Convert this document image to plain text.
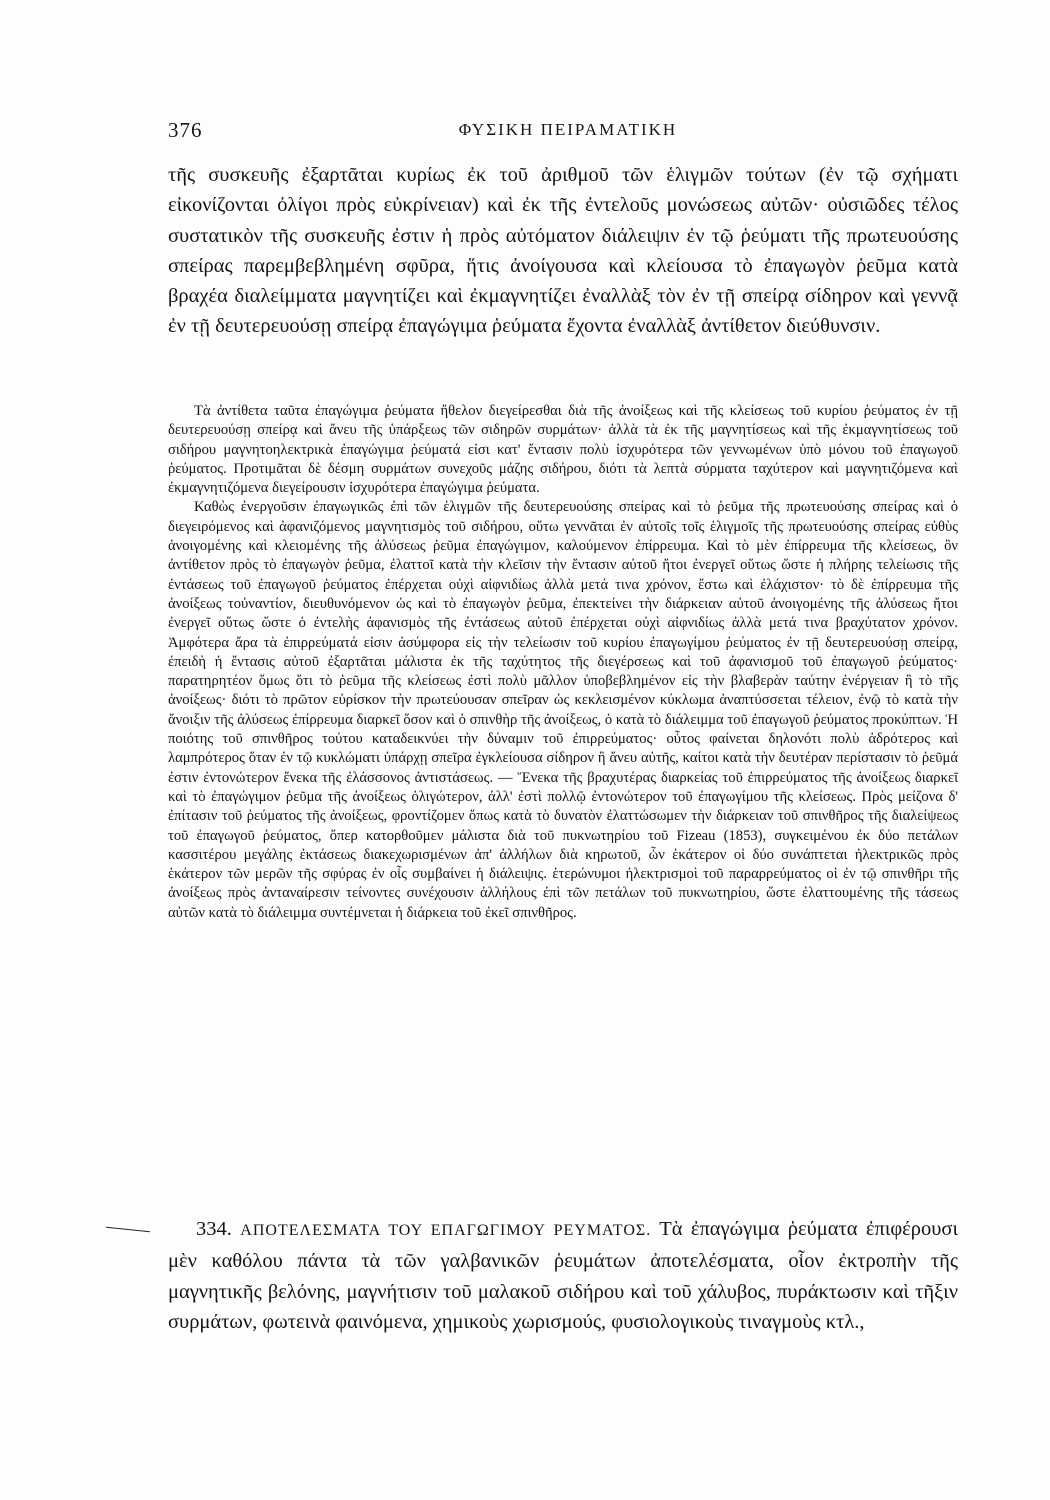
376	ΦΥΣΙΚΗ ΠΕΙΡΑΜΑΤΙΚΗ

τῆς συσκευῆς ἐξαρτᾶται κυρίως ἐκ τοῦ ἀριθμοῦ τῶν ἑλιγμῶν τούτων (ἐν τῷ σχήματι εἰκονίζονται ὀλίγοι πρὸς εὐκρίνειαν) καὶ ἐκ τῆς ἐντελοῦς μονώσεως αὐτῶν· οὐσιῶδες τέλος συστατικὸν τῆς συσκευῆς ἐστιν ἡ πρὸς αὐτόματον διάλειψιν ἐν τῷ ῥεύματι τῆς πρωτευούσης σπείρας παρεμβεβλημένη σφῦρα, ἥτις ἀνοίγουσα καὶ κλείουσα τὸ ἐπαγωγὸν ῥεῦμα κατὰ βραχέα διαλείμματα μαγνητίζει καὶ ἐκμαγνητίζει ἐναλλὰξ τὸν ἐν τῇ σπείρᾳ σίδηρον καὶ γεννᾷ ἐν τῇ δευτερευούσῃ σπείρᾳ ἐπαγώγιμα ῥεύματα ἔχοντα ἐναλλὰξ ἀντίθετον διεύθυνσιν.

Τὰ ἀντίθετα ταῦτα ἐπαγώγιμα ῥεύματα ἤθελον διεγείρεσθαι διὰ τῆς ἀνοίξεως καὶ τῆς κλείσεως τοῦ κυρίου ῥεύματος ἐν τῇ δευτερευούσῃ σπείρᾳ καὶ ἄνευ τῆς ὑπάρξεως τῶν σιδηρῶν συρμάτων· ἀλλὰ τὰ ἐκ τῆς μαγνητίσεως καὶ τῆς ἐκμαγνητίσεως τοῦ σιδήρου μαγνητοηλεκτρικὰ ἐπαγώγιμα ῥεύματά εἰσι κατ' ἔντασιν πολὺ ἰσχυρότερα τῶν γεννωμένων ὑπὸ μόνου τοῦ ἐπαγωγοῦ ῥεύματος. Προτιμᾶται δὲ δέσμη συρμάτων συνεχοῦς μάζης σιδήρου, διότι τὰ λεπτὰ σύρματα ταχύτερον καὶ μαγνητιζόμενα καὶ ἐκμαγνητιζόμενα διεγείρουσιν ἰσχυρότερα ἐπαγώγιμα ῥεύματα.

Καθὼς ἐνεργοῦσιν ἐπαγωγικῶς ἐπὶ τῶν ἑλιγμῶν τῆς δευτερευούσης σπείρας καὶ τὸ ῥεῦμα τῆς πρωτευούσης σπείρας καὶ ὁ διεγειρόμενος καὶ ἀφανιζόμενος μαγνητισμὸς τοῦ σιδήρου, οὕτω γεννᾶται ἐν αὐτοῖς τοῖς ἑλιγμοῖς τῆς πρωτευούσης σπείρας εὐθὺς ἀνοιγομένης καὶ κλειομένης τῆς ἀλύσεως ῥεῦμα ἐπαγώγιμον, καλούμενον ἐπίρρευμα. Καὶ τὸ μὲν ἐπίρρευμα τῆς κλείσεως, ὂν ἀντίθετον πρὸς τὸ ἐπαγωγὸν ῥεῦμα, ἐλαττοῖ κατὰ τὴν κλεῖσιν τὴν ἔντασιν αὐτοῦ ἤτοι ἐνεργεῖ οὕτως ὥστε ἡ πλήρης τελείωσις τῆς ἐντάσεως τοῦ ἐπαγωγοῦ ῥεύματος ἐπέρχεται οὐχὶ αἰφνιδίως ἀλλὰ μετά τινα χρόνον, ἔστω καὶ ἐλάχιστον· τὸ δὲ ἐπίρρευμα τῆς ἀνοίξεως τοὐναντίον, διευθυνόμενον ὡς καὶ τὸ ἐπαγωγὸν ῥεῦμα, ἐπεκτείνει τὴν διάρκειαν αὐτοῦ ἀνοιγομένης τῆς ἀλύσεως ἤτοι ἐνεργεῖ οὕτως ὥστε ὁ ἐντελὴς ἀφανισμὸς τῆς ἐντάσεως αὐτοῦ ἐπέρχεται οὐχὶ αἰφνιδίως ἀλλὰ μετά τινα βραχύτατον χρόνον. Ἀμφότερα ἄρα τὰ ἐπιρρεύματά εἰσιν ἀσύμφορα εἰς τὴν τελείωσιν τοῦ κυρίου ἐπαγωγίμου ῥεύματος ἐν τῇ δευτερευούσῃ σπείρᾳ, ἐπειδὴ ἡ ἔντασις αὐτοῦ ἐξαρτᾶται μάλιστα ἐκ τῆς ταχύτητος τῆς διεγέρσεως καὶ τοῦ ἀφανισμοῦ τοῦ ἐπαγωγοῦ ῥεύματος· παρατηρητέον ὅμως ὅτι τὸ ῥεῦμα τῆς κλείσεως ἐστὶ πολὺ μᾶλλον ὑποβεβλημένον εἰς τὴν βλαβερὰν ταύτην ἐνέργειαν ἢ τὸ τῆς ἀνοίξεως· διότι τὸ πρῶτον εὑρίσκον τὴν πρωτεύουσαν σπεῖραν ὡς κεκλεισμένον κύκλωμα ἀναπτύσσεται τέλειον, ἐνῷ τὸ κατὰ τὴν ἄνοιξιν τῆς ἀλύσεως ἐπίρρευμα διαρκεῖ ὅσον καὶ ὁ σπινθὴρ τῆς ἀνοίξεως, ὁ κατὰ τὸ διάλειμμα τοῦ ἐπαγωγοῦ ῥεύματος προκύπτων. Ἡ ποιότης τοῦ σπινθῆρος τούτου καταδεικνύει τὴν δύναμιν τοῦ ἐπιρρεύματος· οὗτος φαίνεται δηλονότι πολὺ ἁδρότερος καὶ λαμπρότερος ὅταν ἐν τῷ κυκλώματι ὑπάρχῃ σπεῖρα ἐγκλείουσα σίδηρον ἢ ἄνευ αὐτῆς, καίτοι κατὰ τὴν δευτέραν περίστασιν τὸ ῥεῦμά ἐστιν ἐντονώτερον ἕνεκα τῆς ἐλάσσονος ἀντιστάσεως. — Ἕνεκα τῆς βραχυτέρας διαρκείας τοῦ ἐπιρρεύματος τῆς ἀνοίξεως διαρκεῖ καὶ τὸ ἐπαγώγιμον ῥεῦμα τῆς ἀνοίξεως ὀλιγώτερον, ἀλλ' ἐστὶ πολλῷ ἐντονώτερον τοῦ ἐπαγωγίμου τῆς κλείσεως. Πρὸς μείζονα δ' ἐπίτασιν τοῦ ῥεύματος τῆς ἀνοίξεως, φροντίζομεν ὅπως κατὰ τὸ δυνατὸν ἐλαττώσωμεν τὴν διάρκειαν τοῦ σπινθῆρος τῆς διαλείψεως τοῦ ἐπαγωγοῦ ῥεύματος, ὅπερ κατορθοῦμεν μάλιστα διὰ τοῦ πυκνωτηρίου τοῦ Fizeau (1853), συγκειμένου ἐκ δύο πετάλων κασσιτέρου μεγάλης ἐκτάσεως διακεχωρισμένων ἀπ' ἀλλήλων διὰ κηρωτοῦ, ὧν ἑκάτερον οἱ δύο συνάπτεται ἠλεκτρικῶς πρὸς ἑκάτερον τῶν μερῶν τῆς σφύρας ἐν οἷς συμβαίνει ἡ διάλειψις. ἑτερώνυμοι ἠλεκτρισμοὶ τοῦ παραρρεύματος οἱ ἐν τῷ σπινθῆρι τῆς ἀνοίξεως πρὸς ἀνταναίρεσιν τείνοντες συνέχουσιν ἀλλήλους ἐπὶ τῶν πετάλων τοῦ πυκνωτηρίου, ὥστε ἐλαττουμένης τῆς τάσεως αὐτῶν κατὰ τὸ διάλειμμα συντέμνεται ἡ διάρκεια τοῦ ἐκεῖ σπινθῆρος.

334. ΑΠΟΤΕΛΕΣΜΑΤΑ ΤΟΥ ΕΠΑΓΩΓΙΜΟΥ ΡΕΥΜΑΤΟΣ. Τὰ ἐπαγώγιμα ῥεύματα ἐπιφέρουσι μὲν καθόλου πάντα τὰ τῶν γαλβανικῶν ῥευμάτων ἀποτελέσματα, οἷον ἐκτροπὴν τῆς μαγνητικῆς βελόνης, μαγνήτισιν τοῦ μαλακοῦ σιδήρου καὶ τοῦ χάλυβος, πυράκτωσιν καὶ τῆξιν συρμάτων, φωτεινὰ φαινόμενα, χημικοὺς χωρισμούς, φυσιολογικοὺς τιναγμοὺς κτλ.,
